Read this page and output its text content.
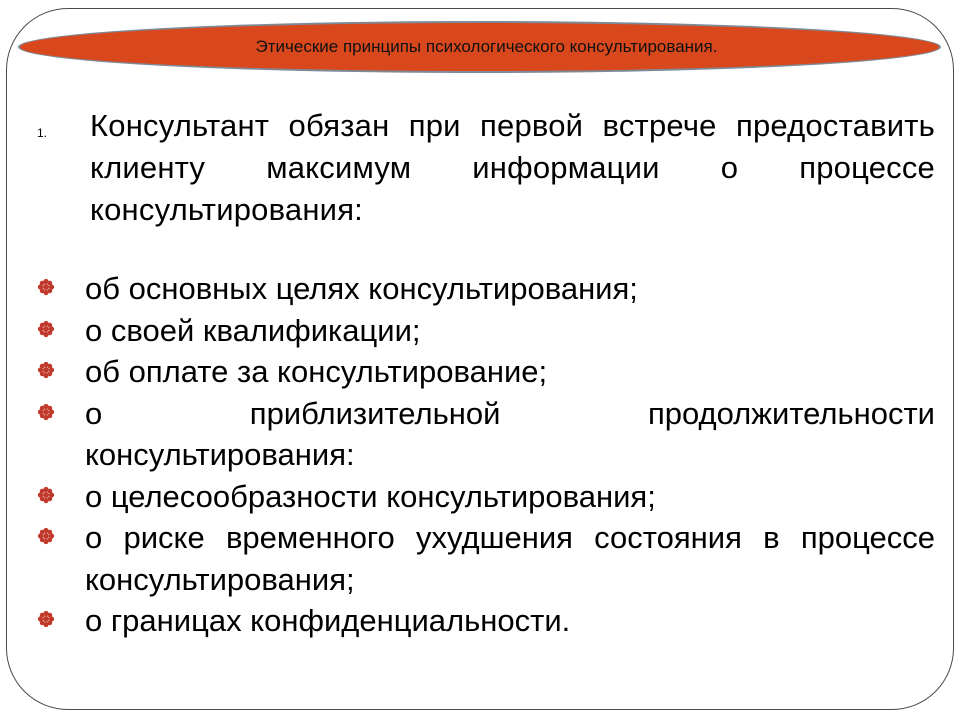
Этические принципы психологического консультирования.
1. Консультант обязан при первой встрече предоставить клиенту максимум информации о процессе консультирования:
об основных целях консультирования;
о своей квалификации;
об оплате за консультирование;
о приблизительной продолжительности консультирования:
о целесообразности консультирования;
о риске временного ухудшения состояния в процессе консультирования;
о границах конфиденциальности.
